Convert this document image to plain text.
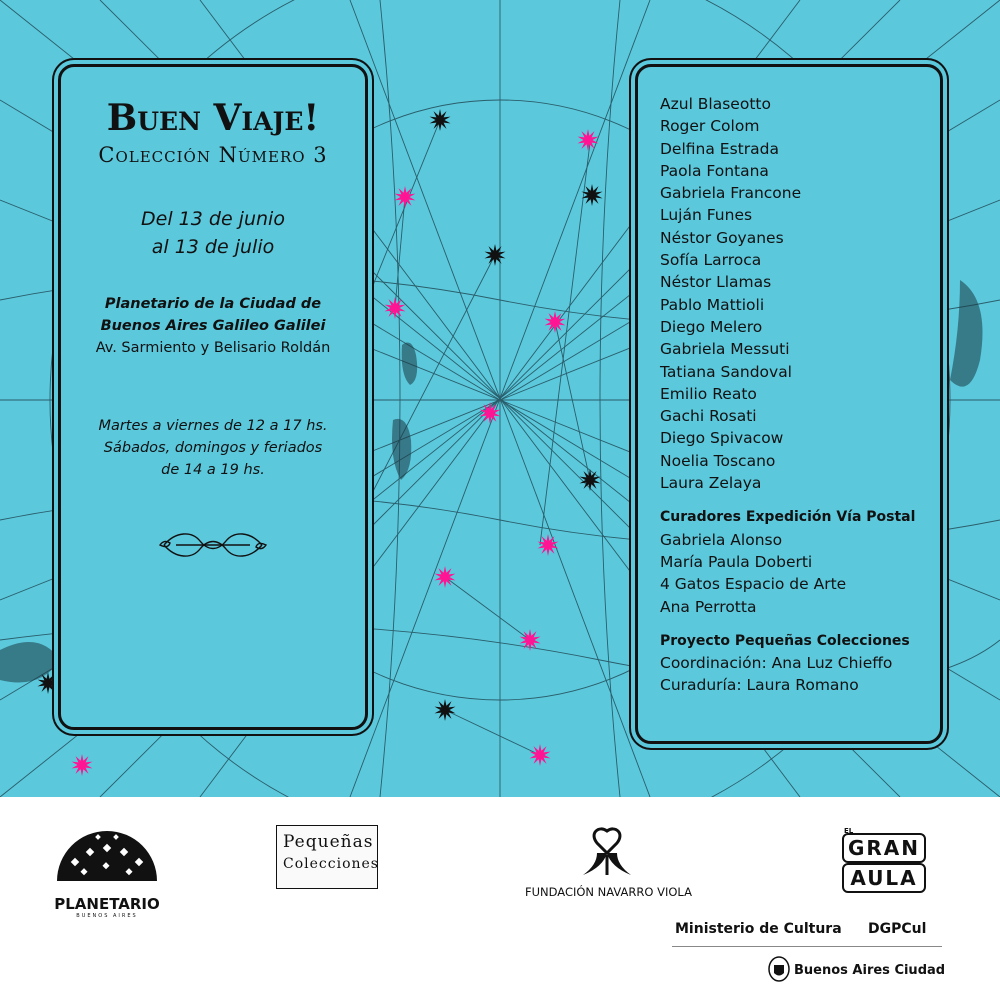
Buen Viaje!
Colección Número 3
Del 13 de junio
al 13 de julio
Planetario de la Ciudad de
Buenos Aires Galileo Galilei
Av. Sarmiento y Belisario Roldán
Martes a viernes de 12 a 17 hs.
Sábados, domingos y feriados
de 14 a 19 hs.
Azul Blaseotto
Roger Colom
Delfina Estrada
Paola Fontana
Gabriela Francone
Luján Funes
Néstor Goyanes
Sofía Larroca
Néstor Llamas
Pablo Mattioli
Diego Melero
Gabriela Messuti
Tatiana Sandoval
Emilio Reato
Gachi Rosati
Diego Spivacow
Noelia Toscano
Laura Zelaya
Curadores Expedición Vía Postal
Gabriela Alonso
María Paula Doberti
4 Gatos Espacio de Arte
Ana Perrotta
Proyecto Pequeñas Colecciones
Coordinación: Ana Luz Chieffo
Curaduría: Laura Romano
PLANETARIO
BUENOS AIRES
Pequeñas
Colecciones
FUNDACIÓN NAVARRO VIOLA
EL
GRAN
AULA
Ministerio de Cultura DGPCul
Buenos Aires Ciudad
